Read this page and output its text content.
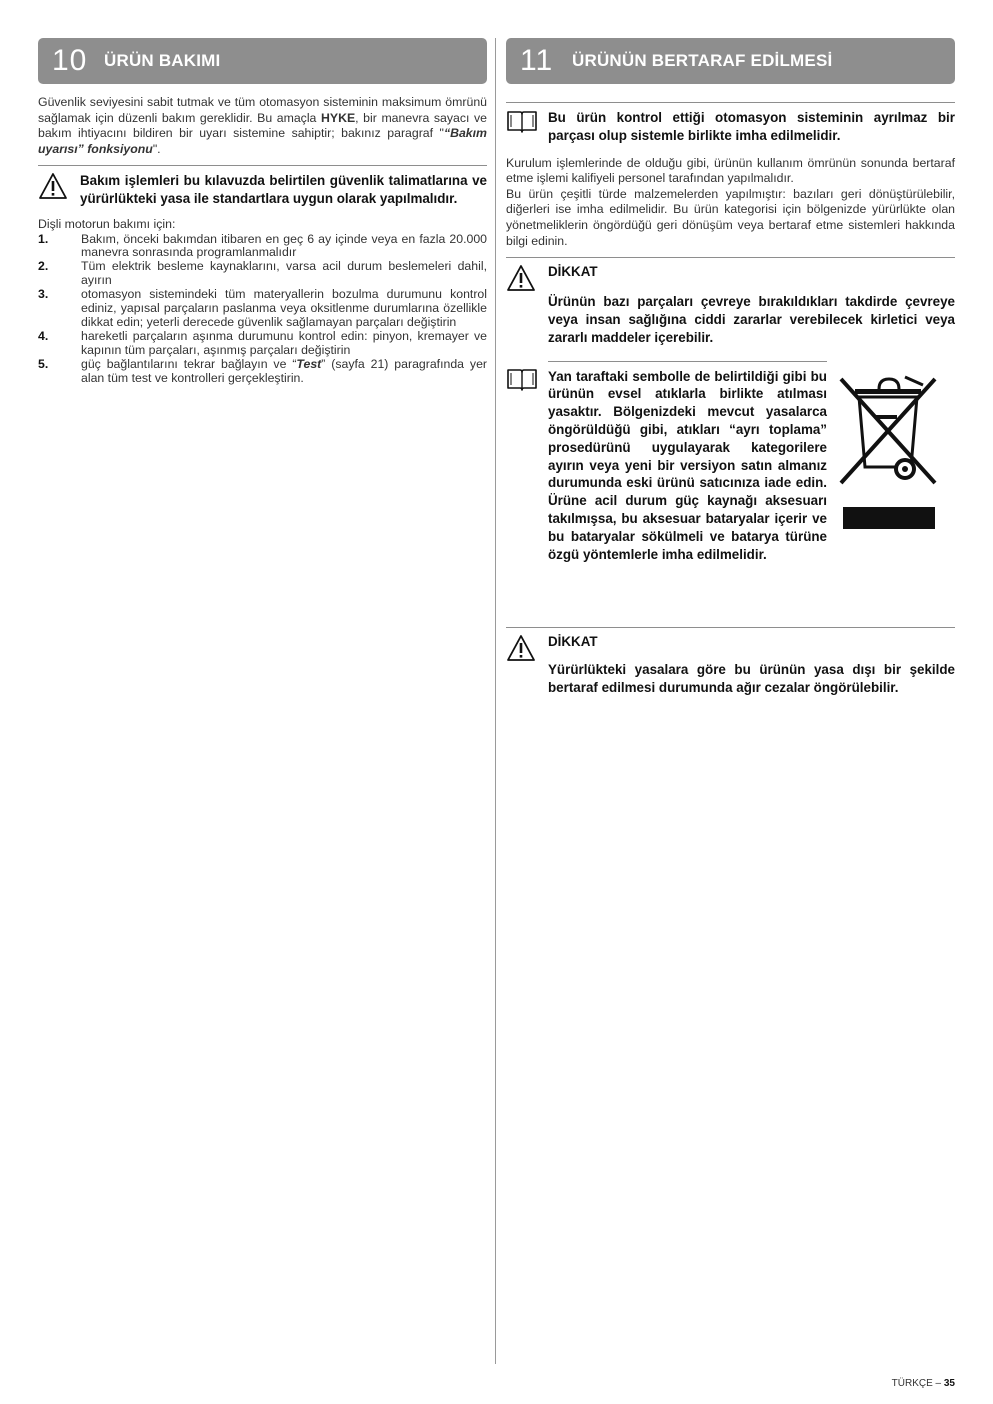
10 ÜRÜN BAKIMI

Güvenlik seviyesini sabit tutmak ve tüm otomasyon sisteminin maksimum ömrünü sağlamak için düzenli bakım gereklidir. Bu amaçla HYKE, bir manevra sayacı ve bakım ihtiyacını bildiren bir uyarı sistemine sahiptir; bakınız paragraf "“Bakım uyarısı” fonksiyonu".

Bakım işlemleri bu kılavuzda belirtilen güvenlik talimatlarına ve yürürlükteki yasa ile standartlara uygun olarak yapılmalıdır.

Dişli motorun bakımı için:

1.	Bakım, önceki bakımdan itibaren en geç 6 ay içinde veya en fazla 20.000 manevra sonrasında programlanmalıdır
2.	Tüm elektrik besleme kaynaklarını, varsa acil durum beslemeleri dahil, ayırın
3.	otomasyon sistemindeki tüm materyallerin bozulma durumunu kontrol ediniz, yapısal parçaların paslanma veya oksitlenme durumlarına özellikle dikkat edin; yeterli derecede güvenlik sağlamayan parçaları değiştirin
4.	hareketli parçaların aşınma durumunu kontrol edin: pinyon, kremayer ve kapının tüm parçaları, aşınmış parçaları değiştirin
5.	güç bağlantılarını tekrar bağlayın ve “Test” (sayfa 21) paragrafında yer alan tüm test ve kontrolleri gerçekleştirin.
11	ÜRÜNÜN BERTARAF EDİLMESİ

Bu ürün kontrol ettiği otomasyon sisteminin ayrılmaz bir parçası olup sistemle birlikte imha edilmelidir.

Kurulum işlemlerinde de olduğu gibi, ürünün kullanım ömrünün sonunda bertaraf etme işlemi kalifiyeli personel tarafından yapılmalıdır.

Bu ürün çeşitli türde malzemelerden yapılmıştır: bazıları geri dönüştürülebilir, diğerleri ise imha edilmelidir. Bu ürün kategorisi için bölgenizde yürürlükte olan yönetmeliklerin öngördüğü geri dönüşüm veya bertaraf etme sistemleri hakkında bilgi edinin.

DİKKAT

Ürünün bazı parçaları çevreye bırakıldıkları takdirde çevreye veya insan sağlığına ciddi zararlar verebilecek kirletici veya zararlı maddeler içerebilir.

Yan taraftaki sembolle de belirtildiği gibi bu ürünün evsel atıklarla birlikte atılması yasaktır. Bölgenizdeki mevcut yasalarca öngörüldüğü gibi, atıkları “ayrı toplama” prosedürünü uygulayarak kategorilere ayırın veya yeni bir versiyon satın almanız durumunda eski ürünü satıcınıza iade edin. Ürüne acil durum güç kaynağı aksesuarı takılmışsa, bu aksesuar bataryalar içerir ve bu bataryalar sökülmeli ve batarya türüne özgü yöntemlerle imha edilmelidir.

DİKKAT

Yürürlükteki yasalara göre bu ürünün yasa dışı bir şekilde bertaraf edilmesi durumunda ağır cezalar öngörülebilir.

TÜRKÇE – 35
